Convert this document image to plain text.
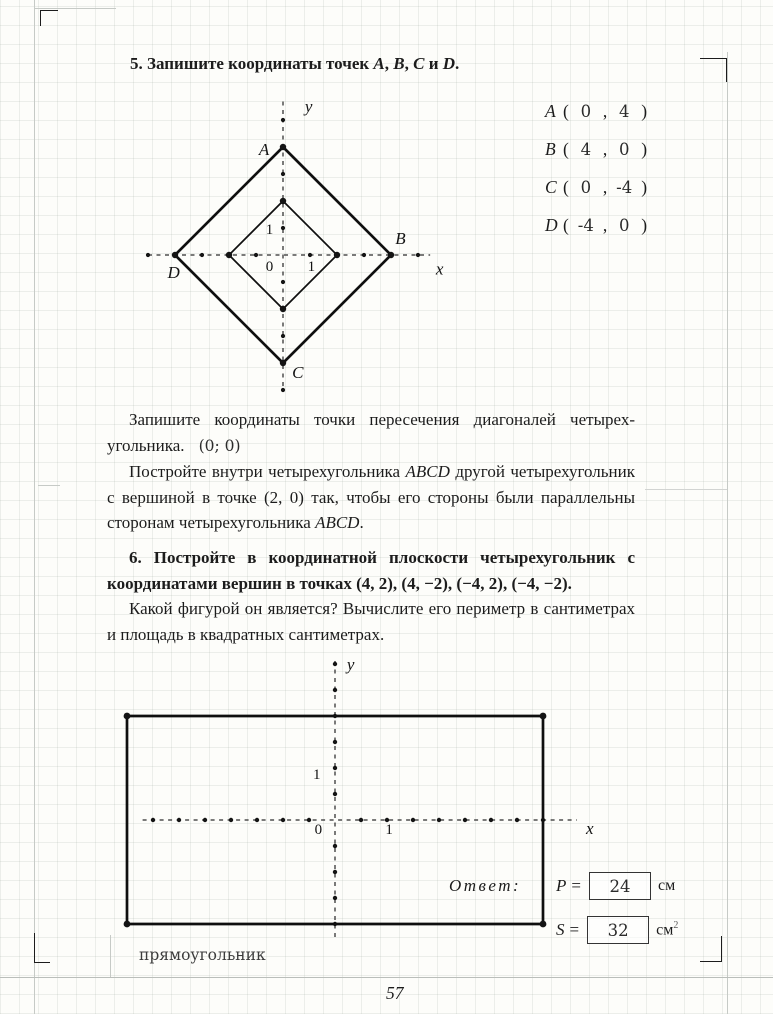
5. Запишите координаты точек A, B, C и D.

A
B
C
D
y
x
1
0 1
A ( 0 , 4 )
B ( 4 , 0 )
C ( 0 , -4 )
D ( -4 , 0 )

Запишите координаты точки пересечения диагоналей четырехугольника. (0; 0)

Постройте внутри четырехугольника ABCD другой четырехугольник с вершиной в точке (2, 0) так, чтобы его стороны были параллельны сторонам четырехугольника ABCD.

6. Постройте в координатной плоскости четырехугольник с координатами вершин в точках (4, 2), (4, −2), (−4, 2), (−4, −2).

Какой фигурой он является? Вычислите его периметр в сантиметрах и площадь в квадратных сантиметрах.

y
x
1
0	1
Ответ: P = 24 см
S = 32 $см^2$
прямоугольник
57
